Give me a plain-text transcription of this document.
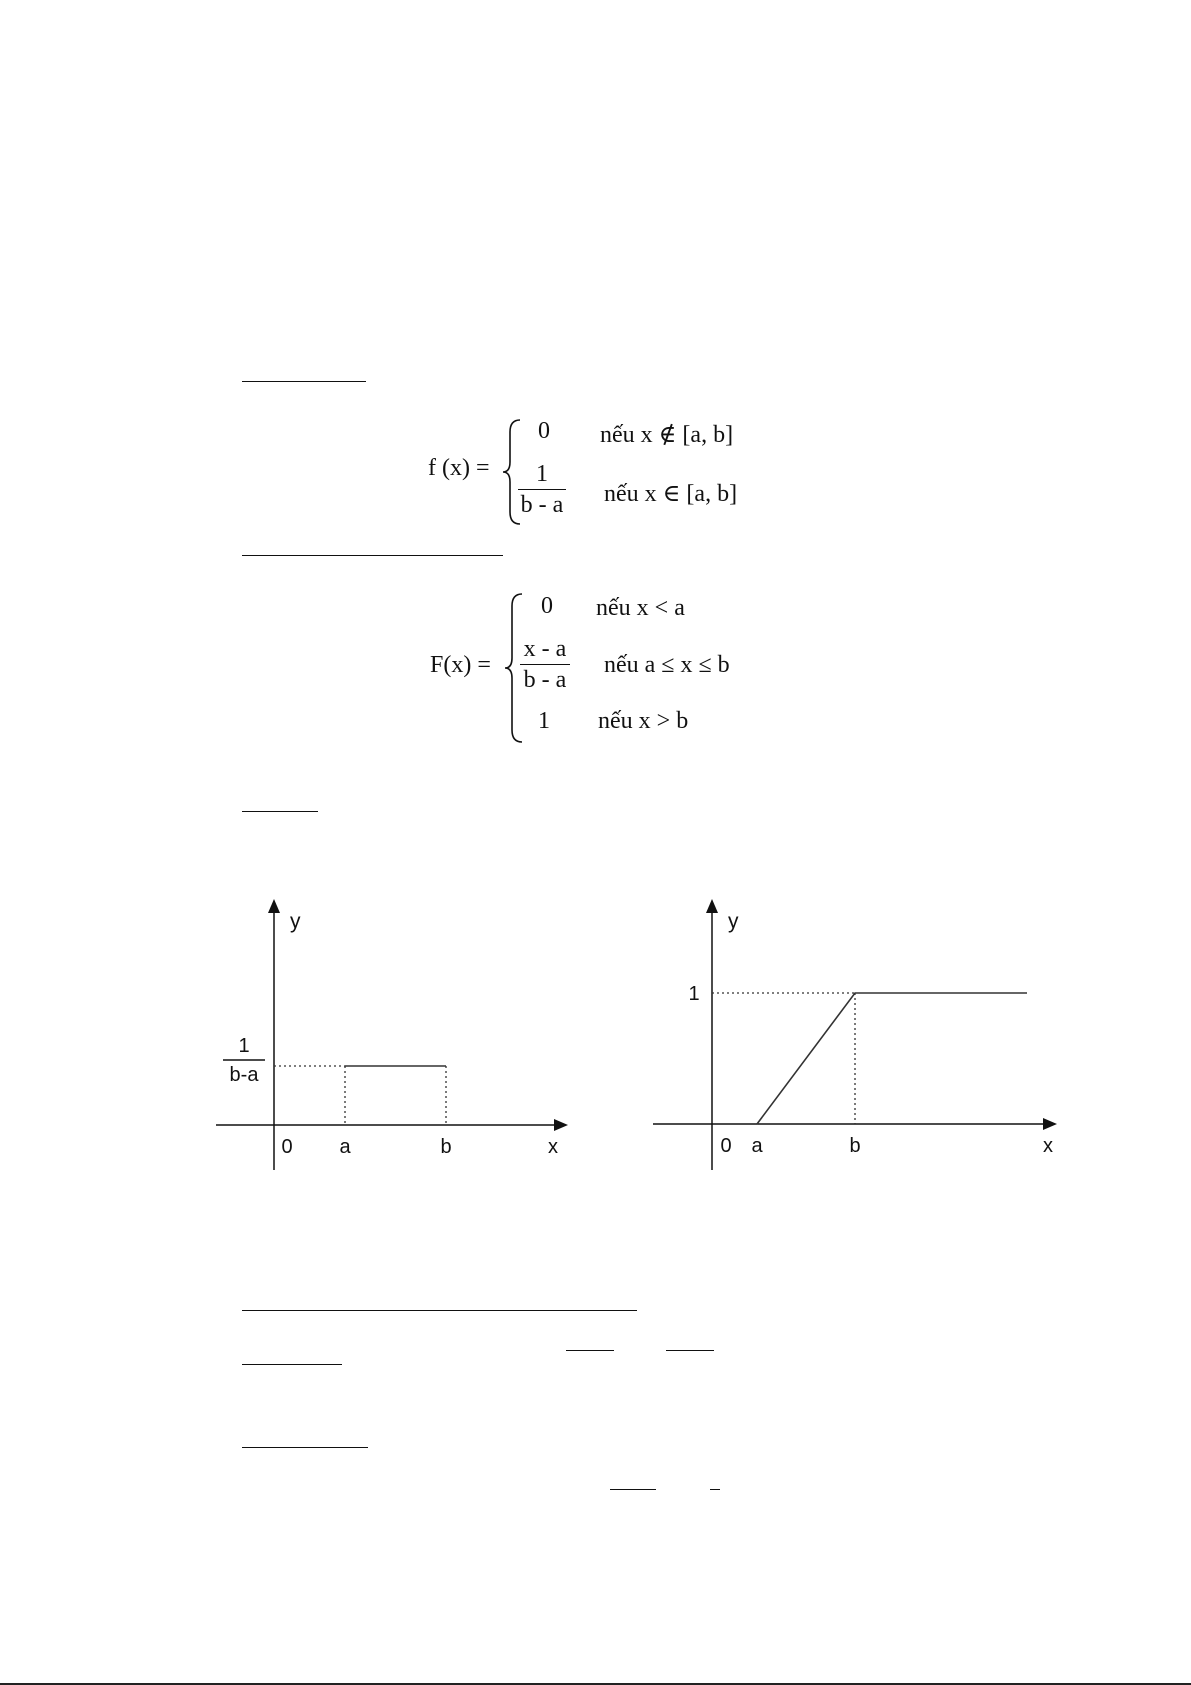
f (x) =
0 nếu x ∉ [a, b]
1
b - a nếu x ∈ [a, b]
F(x) =
0 nếu x < a
x - a
b - a
nếu a ≤ x ≤ b
1 nếu x > b
y
1
b-a
0 a	b	x
y
1
0 a	b	x
